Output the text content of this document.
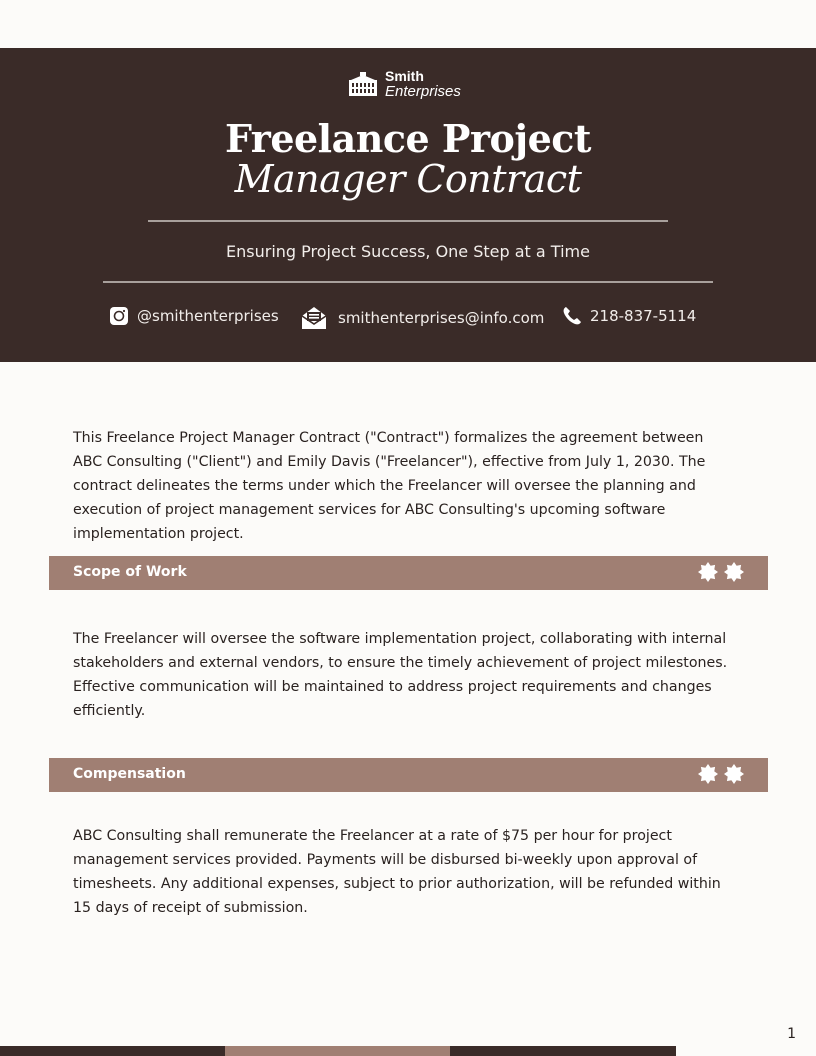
Smith
Enterprises
Freelance Project
Manager Contract
Ensuring Project Success, One Step at a Time
@smithenterprises	smithenterprises@info.com	218-837-5114
This Freelance Project Manager Contract ("Contract") formalizes the agreement between ABC Consulting ("Client") and Emily Davis ("Freelancer"), effective from July 1, 2030. The contract delineates the terms under which the Freelancer will oversee the planning and execution of project management services for ABC Consulting's upcoming software implementation project.
Scope of Work
The Freelancer will oversee the software implementation project, collaborating with internal stakeholders and external vendors, to ensure the timely achievement of project milestones. Effective communication will be maintained to address project requirements and changes efficiently.
Compensation
ABC Consulting shall remunerate the Freelancer at a rate of $75 per hour for project management services provided. Payments will be disbursed bi-weekly upon approval of timesheets. Any additional expenses, subject to prior authorization, will be refunded within 15 days of receipt of submission.
1
